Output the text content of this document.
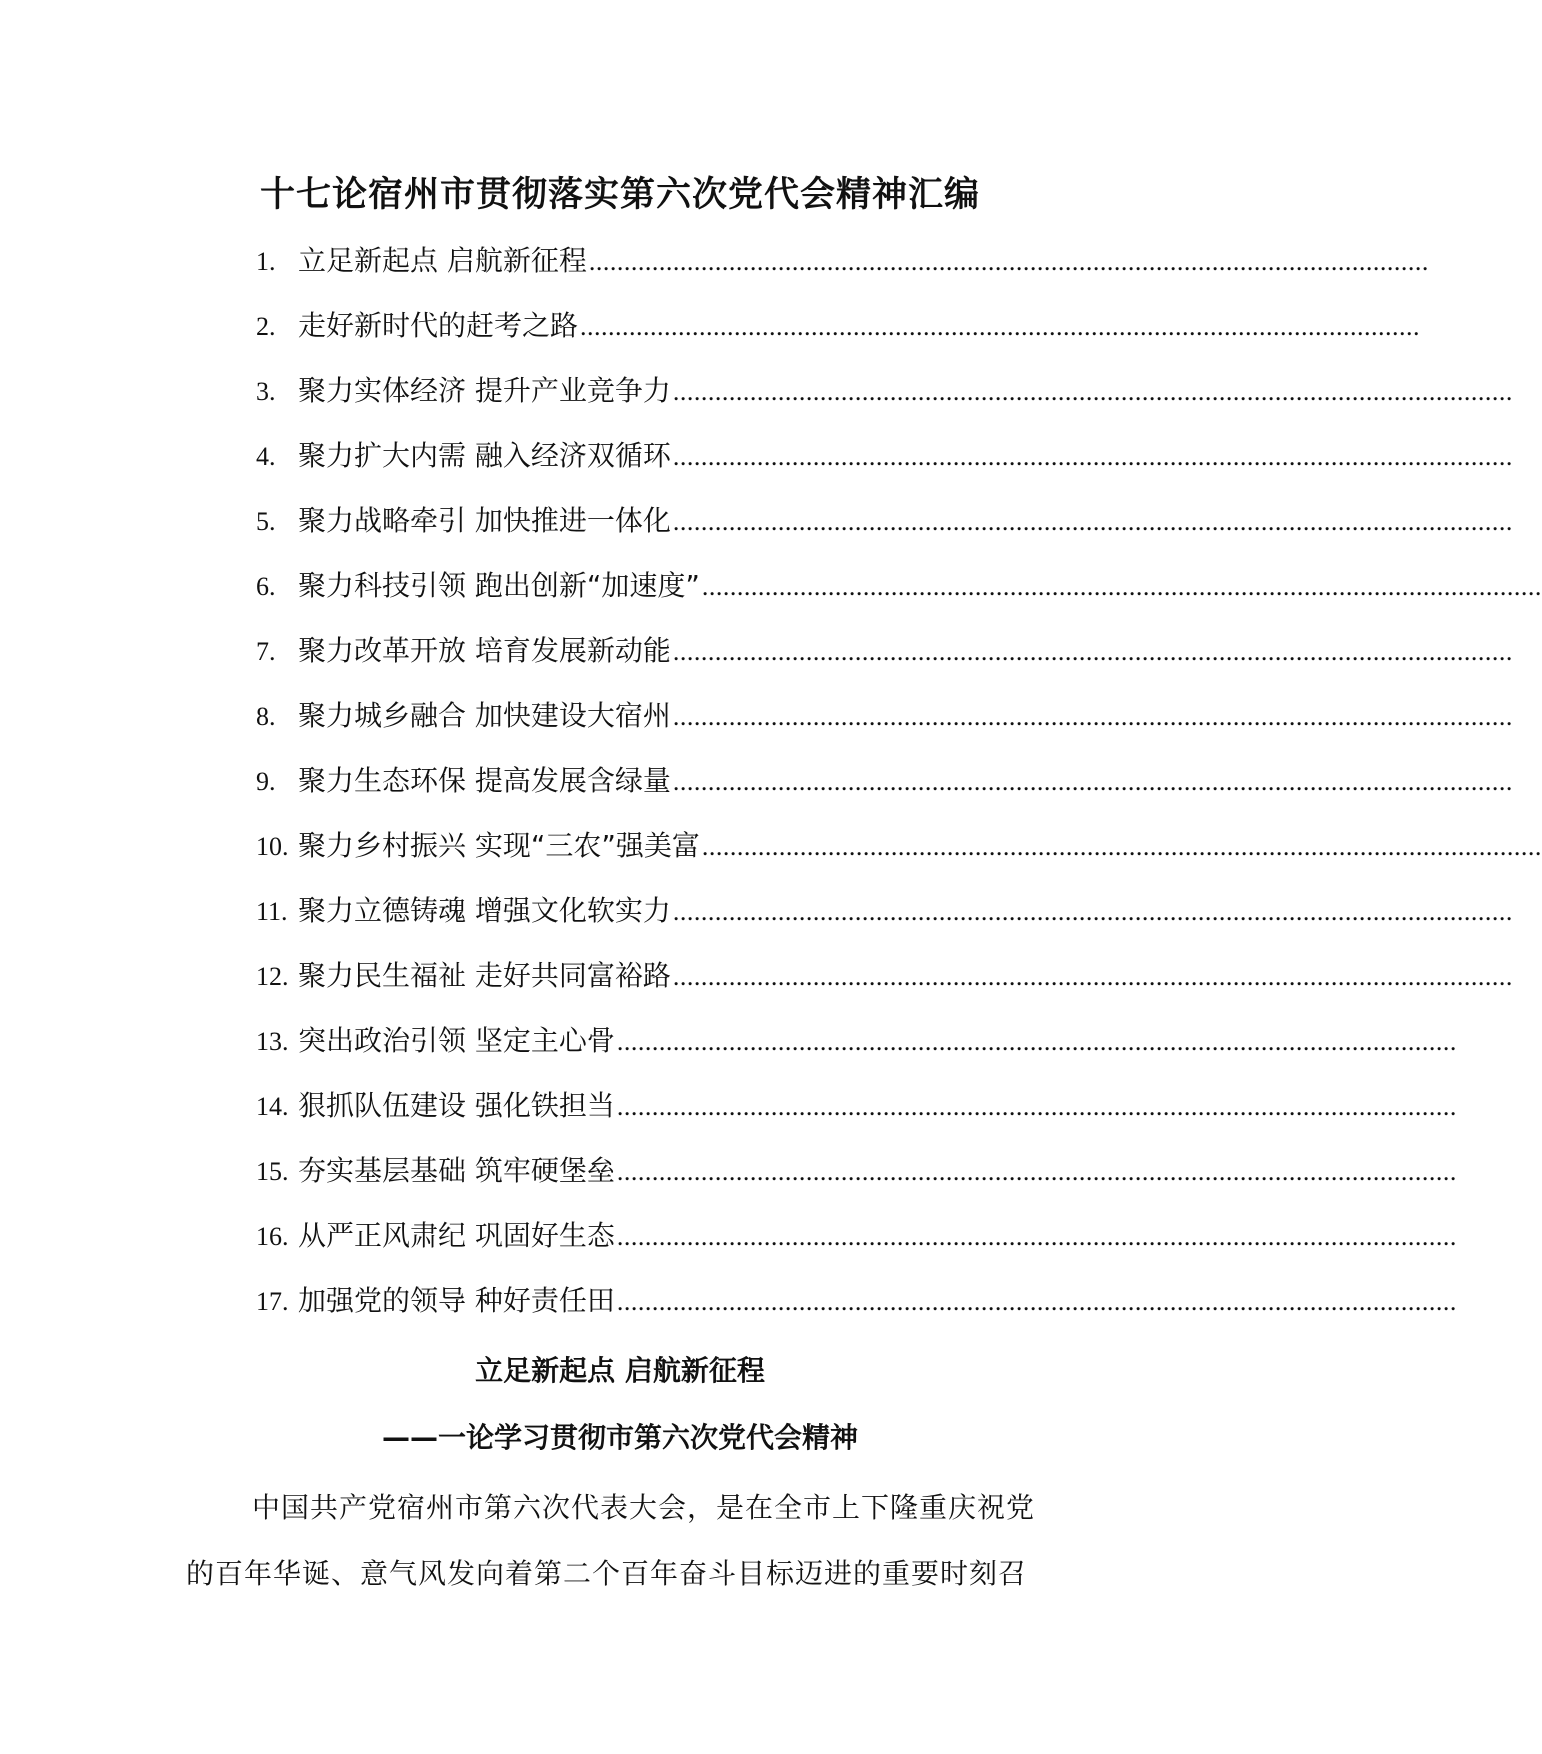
十七论宿州市贯彻落实第六次党代会精神汇编
1. 立足新起点 启航新征程 ........................................................................................................................
2. 走好新时代的赶考之路 ........................................................................................................................
3. 聚力实体经济 提升产业竞争力 ........................................................................................................................
4. 聚力扩大内需 融入经济双循环 ........................................................................................................................
5. 聚力战略牵引 加快推进一体化 ........................................................................................................................
6. 聚力科技引领 跑出创新“加速度” ........................................................................................................................
7. 聚力改革开放 培育发展新动能 ........................................................................................................................
8. 聚力城乡融合 加快建设大宿州 ........................................................................................................................
9. 聚力生态环保 提高发展含绿量 ........................................................................................................................
10. 聚力乡村振兴 实现“三农”强美富 ........................................................................................................................
11. 聚力立德铸魂 增强文化软实力 ........................................................................................................................
12. 聚力民生福祉 走好共同富裕路 ........................................................................................................................
13. 突出政治引领 坚定主心骨 ........................................................................................................................
14. 狠抓队伍建设 强化铁担当 ........................................................................................................................
15. 夯实基层基础 筑牢硬堡垒 ........................................................................................................................
16. 从严正风肃纪 巩固好生态 ........................................................................................................................
17. 加强党的领导 种好责任田 ........................................................................................................................
立足新起点 启航新征程
——一论学习贯彻市第六次党代会精神

中国共产党宿州市第六次代表大会，是在全市上下隆重庆祝党的百年华诞、意气风发向着第二个百年奋斗目标迈进的重要时刻召
